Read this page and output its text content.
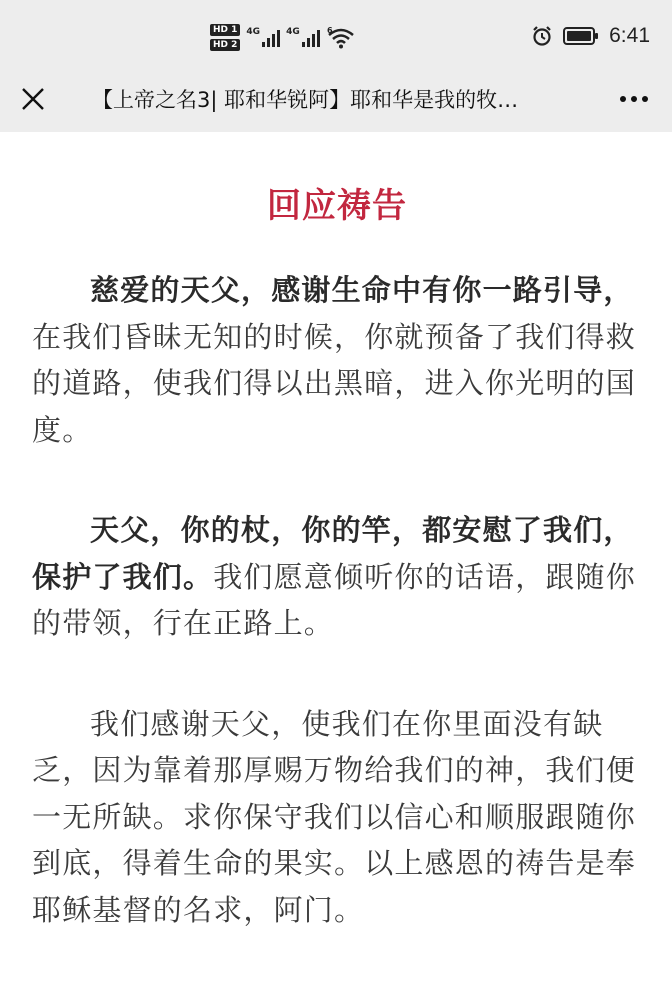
HD 1
HD 2
4G	4G	6	6:41
【上帝之名3| 耶和华锐阿】耶和华是我的牧…
回应祷告

慈爱的天父，感谢生命中有你一路引导，在我们昏昧无知的时候，你就预备了我们得救的道路，使我们得以出黑暗，进入你光明的国度。

天父，你的杖，你的竿，都安慰了我们，保护了我们。我们愿意倾听你的话语，跟随你的带领，行在正路上。

我们感谢天父，使我们在你里面没有缺乏，因为靠着那厚赐万物给我们的神，我们便一无所缺。求你保守我们以信心和顺服跟随你到底，得着生命的果实。以上感恩的祷告是奉耶稣基督的名求，阿门。
